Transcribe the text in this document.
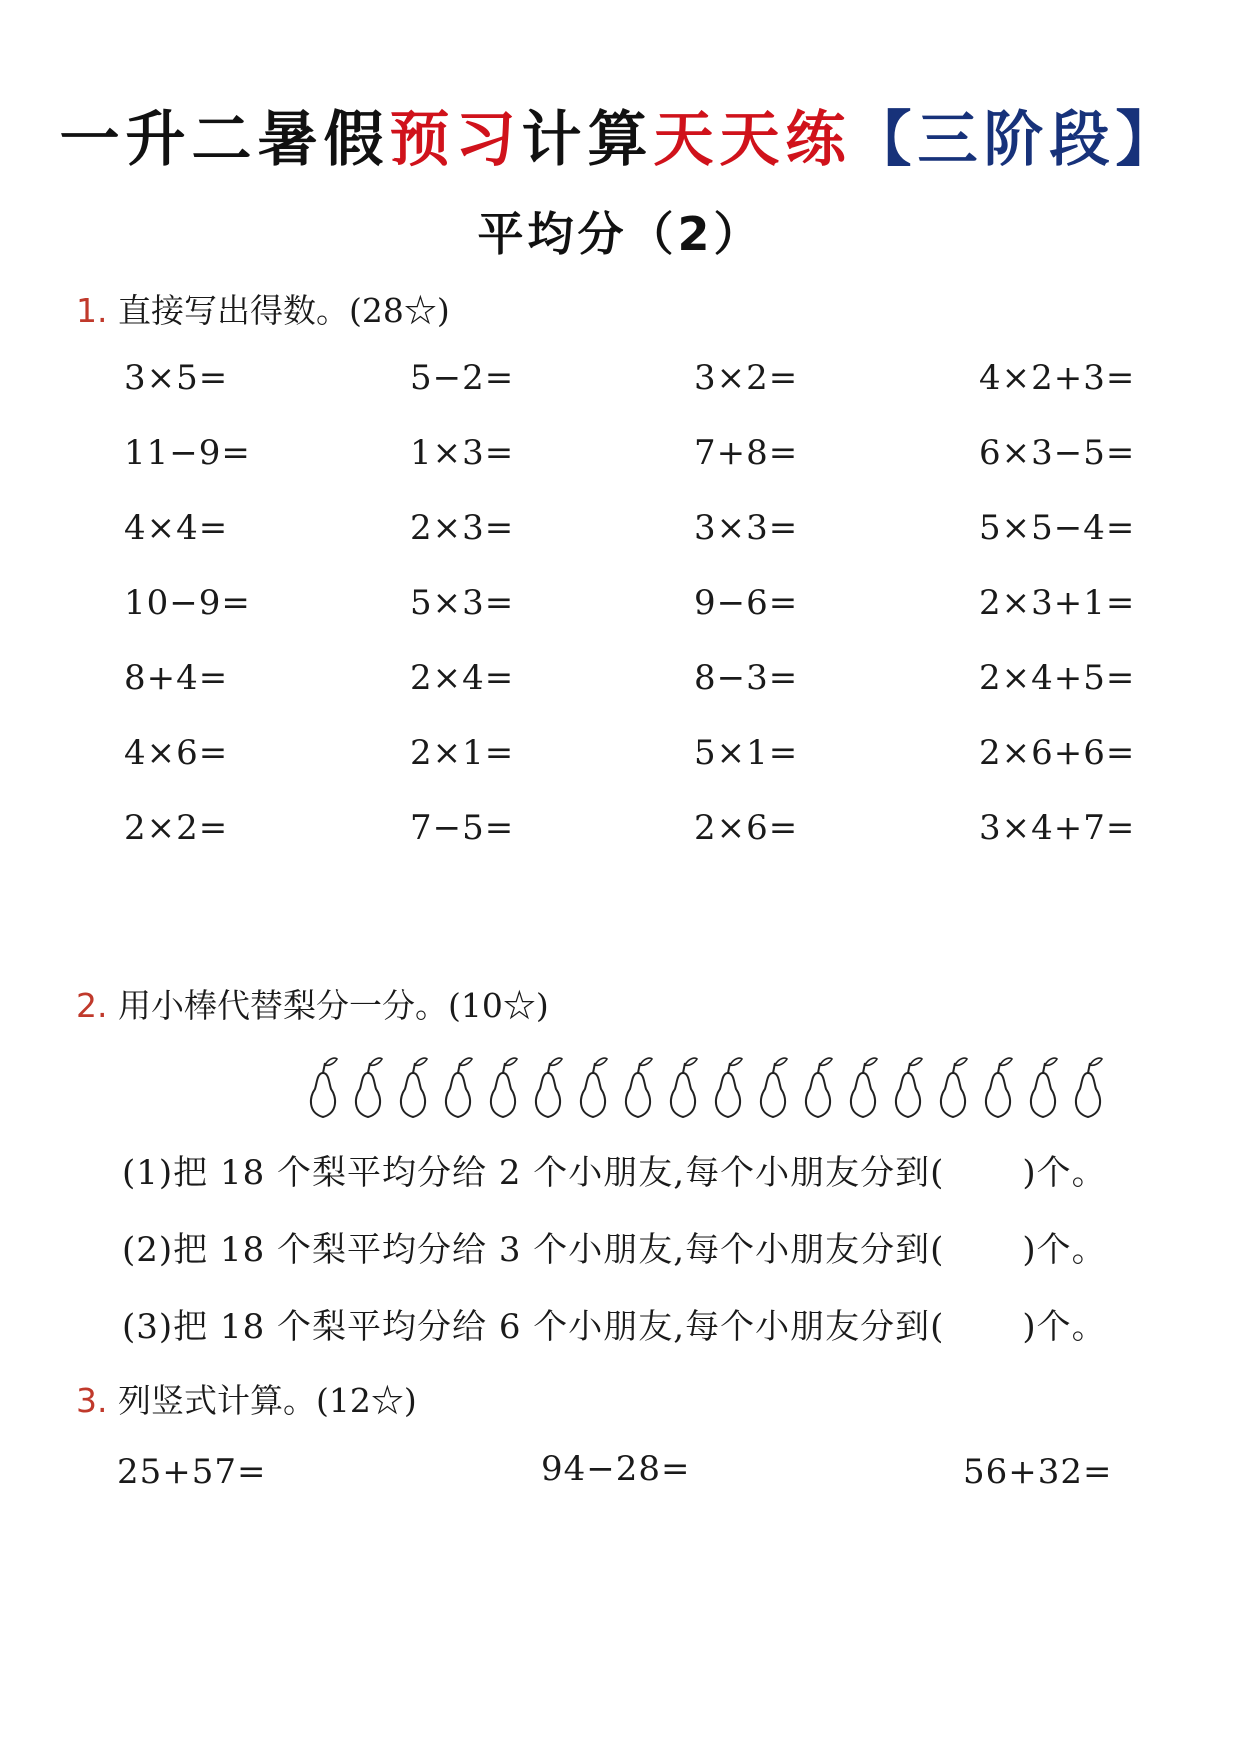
一升二暑假预习计算天天练【三阶段】
平均分（2）
1. 直接写出得数。(28☆)
3×5=	5−2=	3×2=	4×2+3=
11−9=	1×3=	7+8=	6×3−5=
4×4=	2×3=	3×3=	5×5−4=
10−9=	5×3=	9−6=	2×3+1=
8+4=	2×4=	8−3=	2×4+5=
4×6=	2×1=	5×1=	2×6+6=
2×2=	7−5=	2×6=	3×4+7=
2. 用小棒代替梨分一分。(10☆)
(1)把 18 个梨平均分给 2 个小朋友,每个小朋友分到( )个。
(2)把 18 个梨平均分给 3 个小朋友,每个小朋友分到( )个。
(3)把 18 个梨平均分给 6 个小朋友,每个小朋友分到( )个。
3. 列竖式计算。(12☆)
25+57=	94−28=	56+32=
